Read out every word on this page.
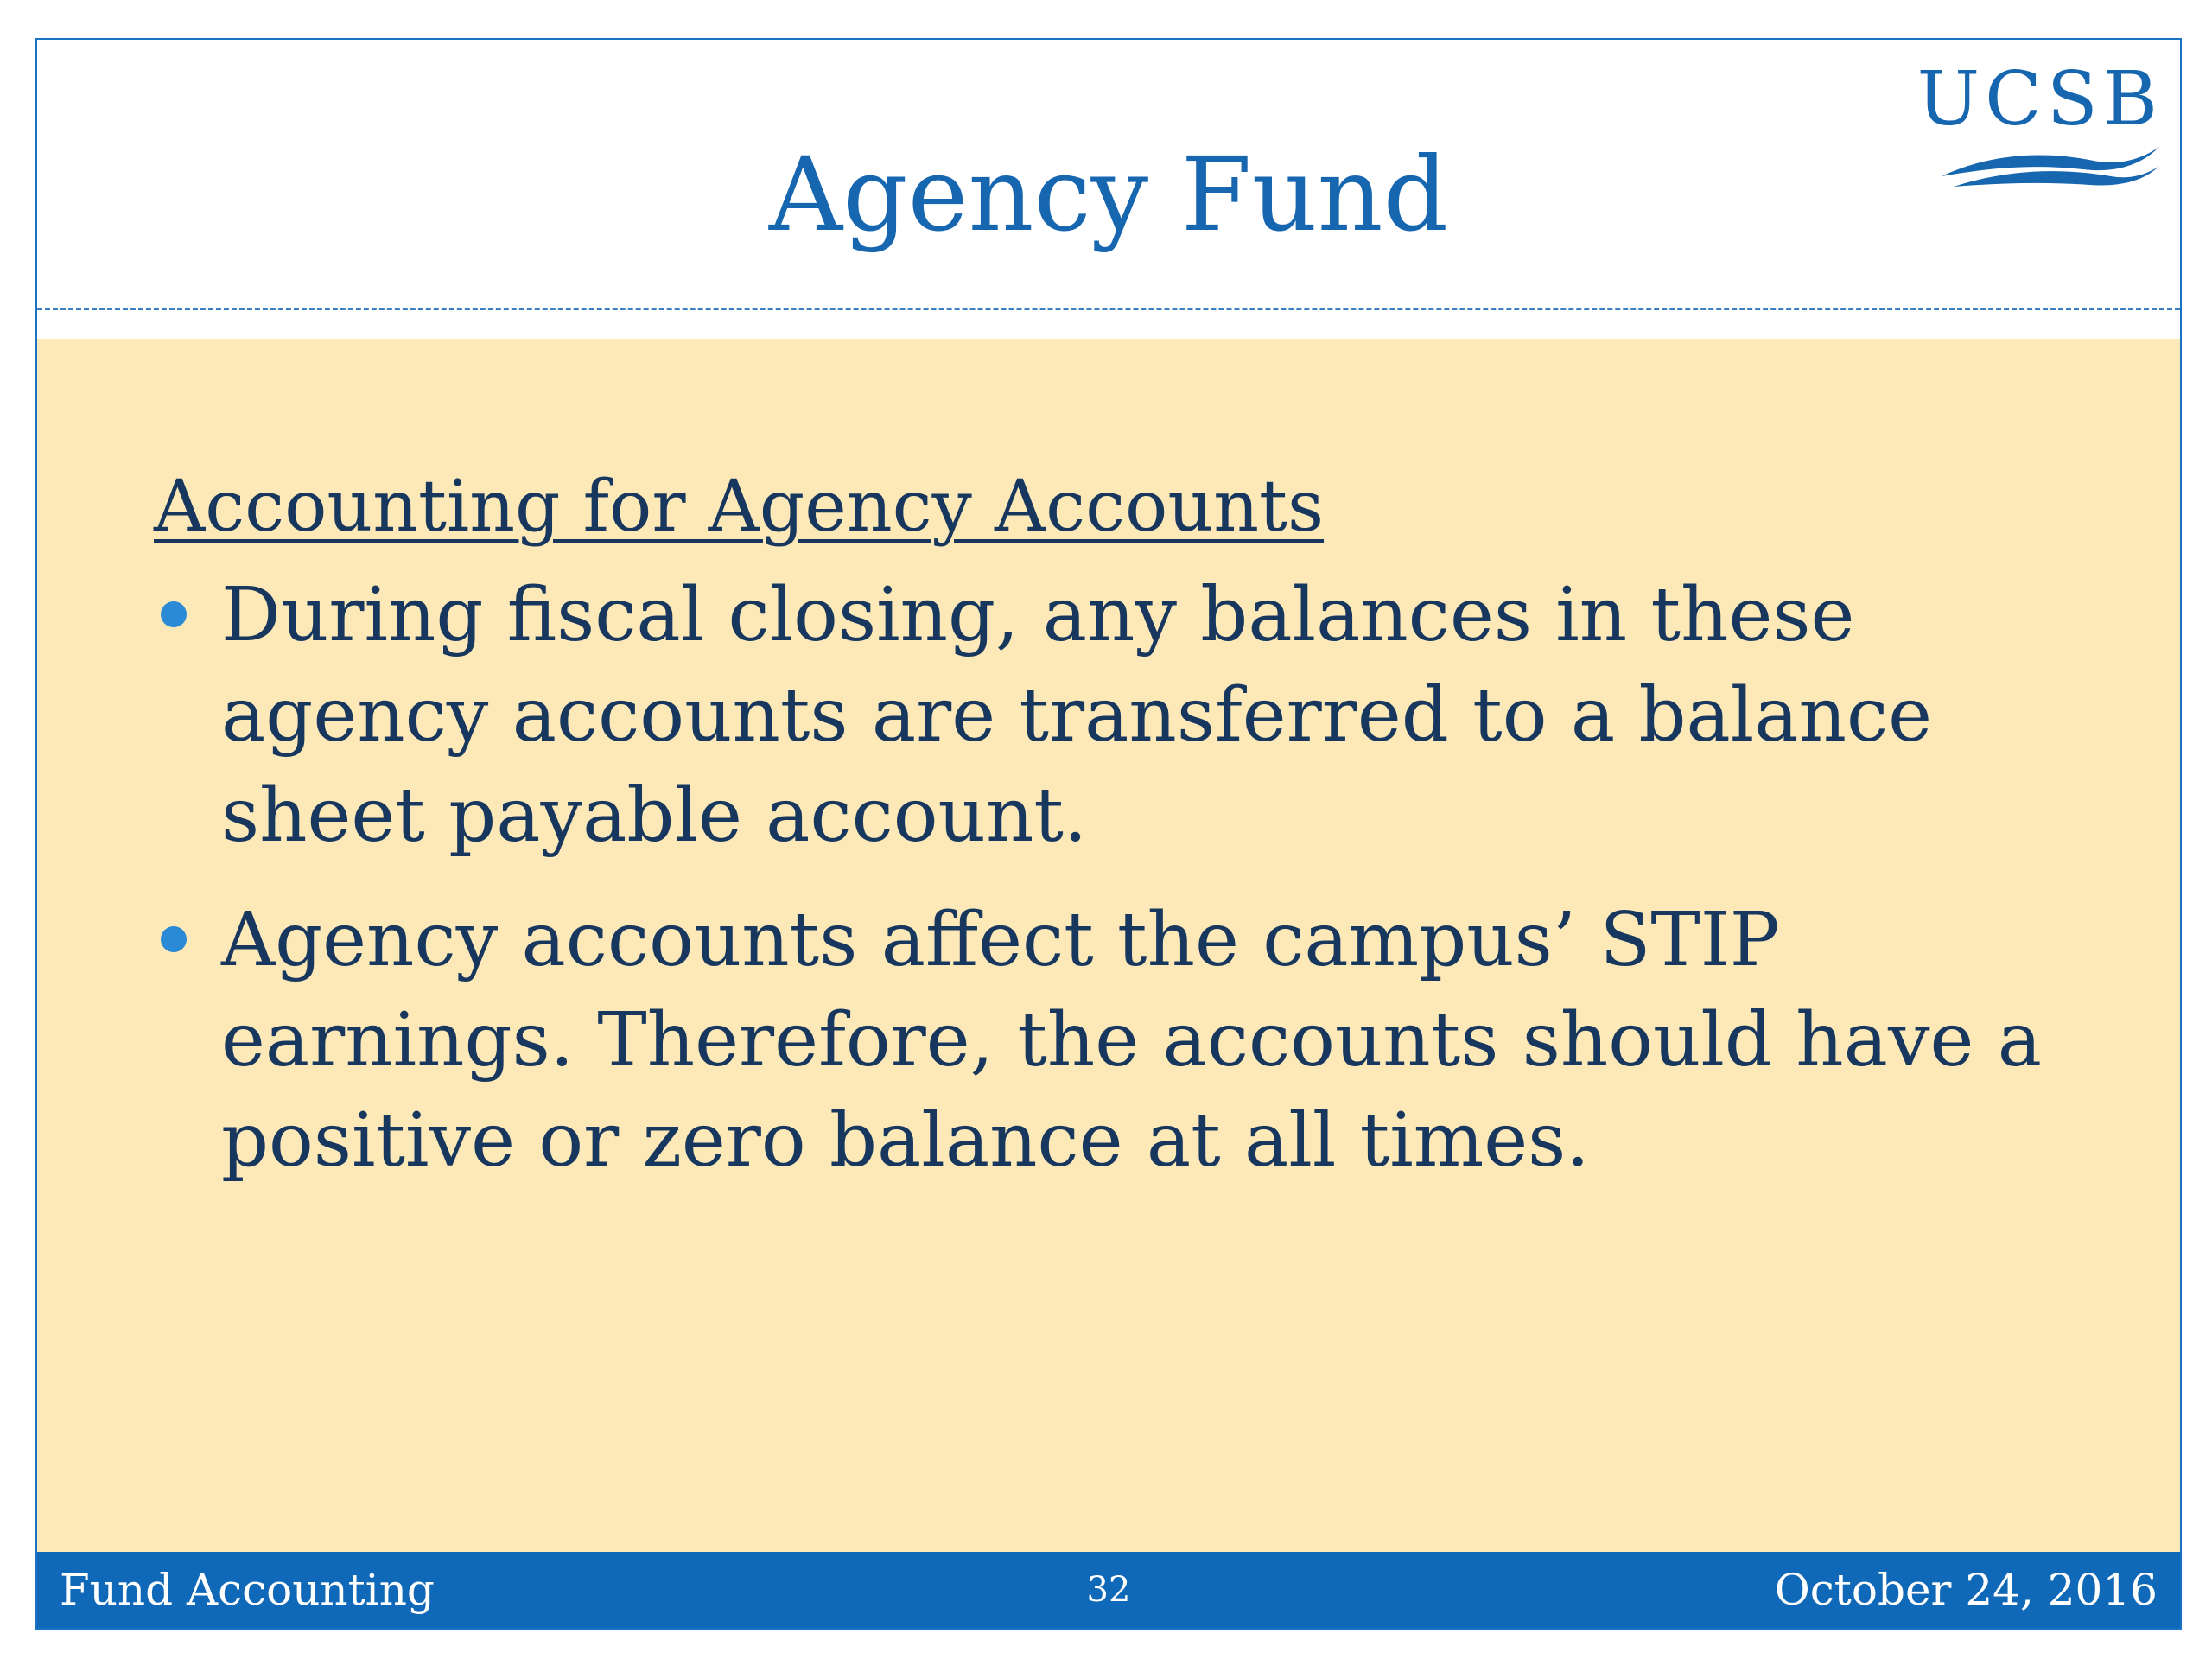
Agency Fund
UCSB
Accounting for Agency Accounts
During fiscal closing, any balances in these agency accounts are transferred to a balance sheet payable account.
Agency accounts affect the campus’ STIP earnings. Therefore, the accounts should have a positive or zero balance at all times.
Fund Accounting	32	October 24, 2016
